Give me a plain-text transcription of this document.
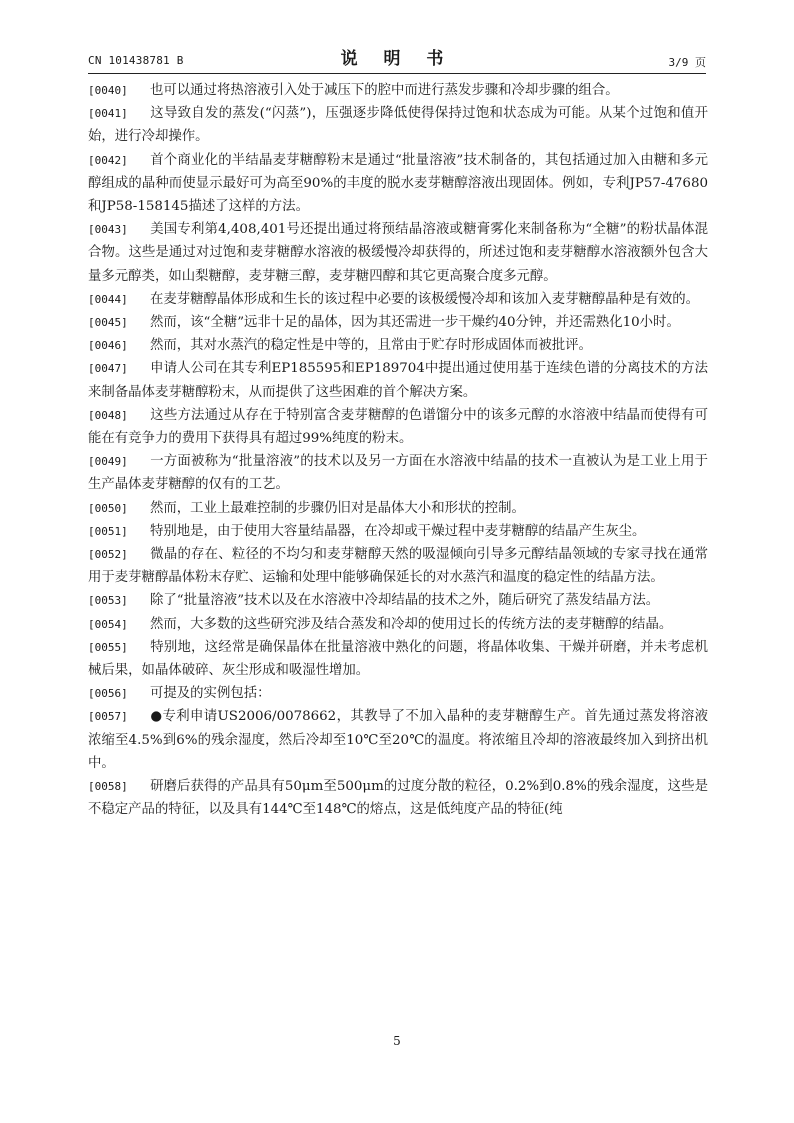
CN 101438781 B	说 明 书	3/9 页

[0040] 也可以通过将热溶液引入处于减压下的腔中而进行蒸发步骤和冷却步骤的组合。

[0041] 这导致自发的蒸发(“闪蒸”)，压强逐步降低使得保持过饱和状态成为可能。从某个过饱和值开始，进行冷却操作。

[0042] 首个商业化的半结晶麦芽糖醇粉末是通过“批量溶液”技术制备的，其包括通过加入由糖和多元醇组成的晶种而使显示最好可为高至90%的丰度的脱水麦芽糖醇溶液出现固体。例如，专利JP57-47680和JP58-158145描述了这样的方法。

[0043] 美国专利第4,408,401号还提出通过将预结晶溶液或糖膏雾化来制备称为“全糖”的粉状晶体混合物。这些是通过对过饱和麦芽糖醇水溶液的极缓慢冷却获得的，所述过饱和麦芽糖醇水溶液额外包含大量多元醇类，如山梨糖醇，麦芽糖三醇，麦芽糖四醇和其它更高聚合度多元醇。

[0044] 在麦芽糖醇晶体形成和生长的该过程中必要的该极缓慢冷却和该加入麦芽糖醇晶种是有效的。

[0045] 然而，该“全糖”远非十足的晶体，因为其还需进一步干燥约40分钟，并还需熟化10小时。

[0046] 然而，其对水蒸汽的稳定性是中等的，且常由于贮存时形成固体而被批评。

[0047] 申请人公司在其专利EP185595和EP189704中提出通过使用基于连续色谱的分离技术的方法来制备晶体麦芽糖醇粉末，从而提供了这些困难的首个解决方案。

[0048] 这些方法通过从存在于特别富含麦芽糖醇的色谱馏分中的该多元醇的水溶液中结晶而使得有可能在有竞争力的费用下获得具有超过99%纯度的粉末。

[0049] 一方面被称为“批量溶液”的技术以及另一方面在水溶液中结晶的技术一直被认为是工业上用于生产晶体麦芽糖醇的仅有的工艺。

[0050] 然而，工业上最难控制的步骤仍旧对是晶体大小和形状的控制。

[0051] 特别地是，由于使用大容量结晶器，在冷却或干燥过程中麦芽糖醇的结晶产生灰尘。

[0052] 微晶的存在、粒径的不均匀和麦芽糖醇天然的吸湿倾向引导多元醇结晶领域的专家寻找在通常用于麦芽糖醇晶体粉末存贮、运输和处理中能够确保延长的对水蒸汽和温度的稳定性的结晶方法。

[0053] 除了“批量溶液”技术以及在水溶液中冷却结晶的技术之外，随后研究了蒸发结晶方法。

[0054] 然而，大多数的这些研究涉及结合蒸发和冷却的使用过长的传统方法的麦芽糖醇的结晶。

[0055] 特别地，这经常是确保晶体在批量溶液中熟化的问题，将晶体收集、干燥并研磨，并未考虑机械后果，如晶体破碎、灰尘形成和吸湿性增加。

[0056] 可提及的实例包括：

[0057] ●专利申请US2006/0078662，其教导了不加入晶种的麦芽糖醇生产。首先通过蒸发将溶液浓缩至4.5%到6%的残余湿度，然后冷却至10℃至20℃的温度。将浓缩且冷却的溶液最终加入到挤出机中。

[0058] 研磨后获得的产品具有50μm至500μm的过度分散的粒径，0.2%到0.8%的残余湿度，这些是不稳定产品的特征，以及具有144℃至148℃的熔点，这是低纯度产品的特征(纯

5
